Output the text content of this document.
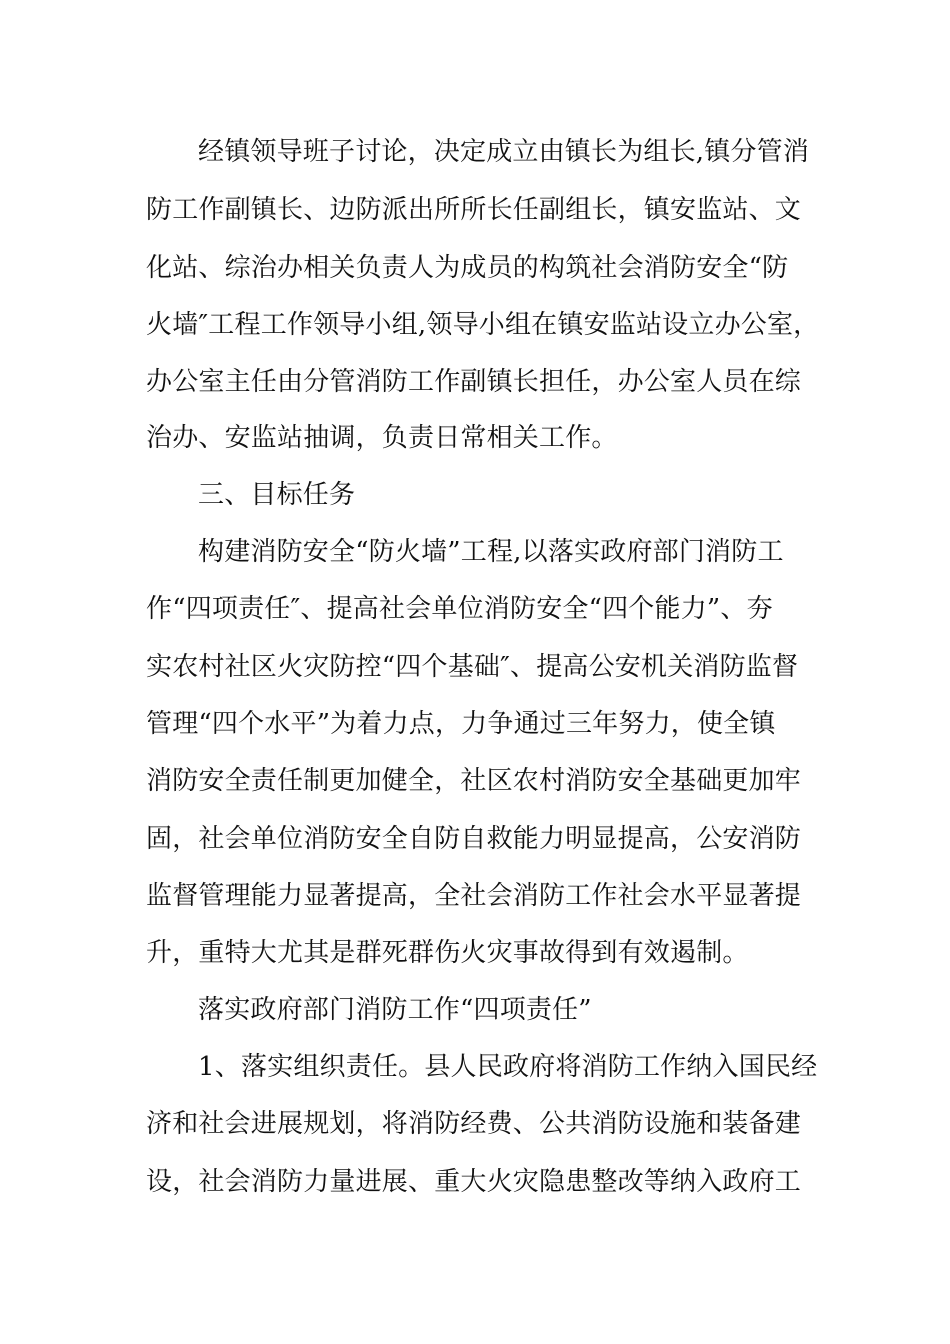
经镇领导班子讨论，决定成立由镇长为组长,镇分管消
防工作副镇长、边防派出所所长任副组长，镇安监站、文
化站、综治办相关负责人为成员的构筑社会消防安全“防
火墙″工程工作领导小组,领导小组在镇安监站设立办公室，
办公室主任由分管消防工作副镇长担任，办公室人员在综
治办、安监站抽调，负责日常相关工作。
三、目标任务
构建消防安全“防火墙”工程,以落实政府部门消防工
作“四项责任″、提高社会单位消防安全“四个能力”、夯
实农村社区火灾防控“四个基础″、提高公安机关消防监督
管理“四个水平”为着力点，力争通过三年努力，使全镇
消防安全责任制更加健全，社区农村消防安全基础更加牢
固，社会单位消防安全自防自救能力明显提高，公安消防
监督管理能力显著提高，全社会消防工作社会水平显著提
升，重特大尤其是群死群伤火灾事故得到有效遏制。
落实政府部门消防工作“四项责任”
1、落实组织责任。县人民政府将消防工作纳入国民经
济和社会进展规划，将消防经费、公共消防设施和装备建
设，社会消防力量进展、重大火灾隐患整改等纳入政府工
